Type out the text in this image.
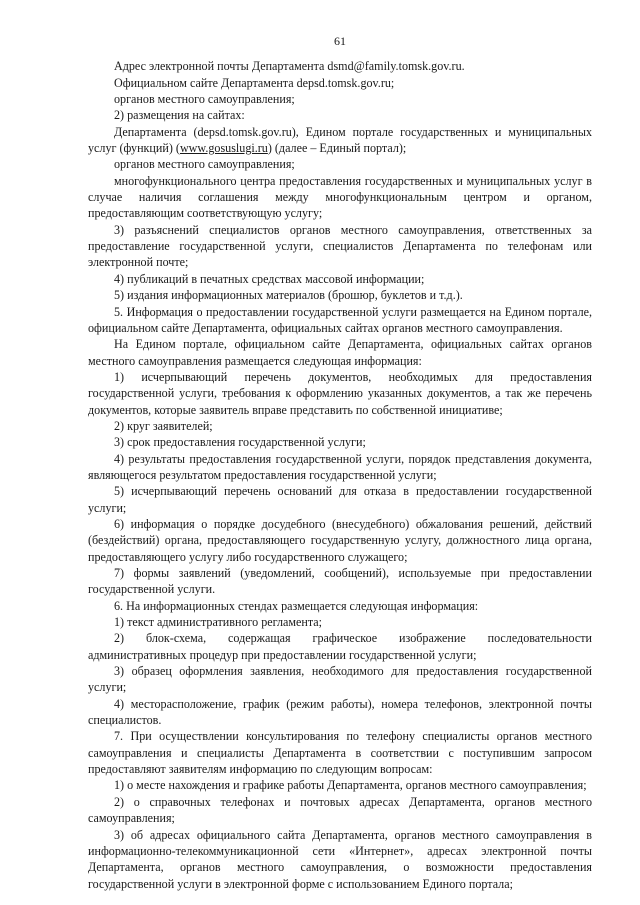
61

Адрес электронной почты Департамента dsmd@family.tomsk.gov.ru.

Официальном сайте Департамента depsd.tomsk.gov.ru;

органов местного самоуправления;

2) размещения на сайтах:

Департамента (depsd.tomsk.gov.ru), Едином портале государственных и муниципальных услуг (функций) (www.gosuslugi.ru) (далее – Единый портал);

органов местного самоуправления;

многофункционального центра предоставления государственных и муниципальных услуг в случае наличия соглашения между многофункциональным центром и органом, предоставляющим соответствующую услугу;

3) разъяснений специалистов органов местного самоуправления, ответственных за предоставление государственной услуги, специалистов Департамента по телефонам или электронной почте;

4) публикаций в печатных средствах массовой информации;

5) издания информационных материалов (брошюр, буклетов и т.д.).

5. Информация о предоставлении государственной услуги размещается на Едином портале, официальном сайте Департамента, официальных сайтах органов местного самоуправления.

На Едином портале, официальном сайте Департамента, официальных сайтах органов местного самоуправления размещается следующая информация:

1) исчерпывающий перечень документов, необходимых для предоставления государственной услуги, требования к оформлению указанных документов, а так же перечень документов, которые заявитель вправе представить по собственной инициативе;

2) круг заявителей;

3) срок предоставления государственной услуги;

4) результаты предоставления государственной услуги, порядок представления документа, являющегося результатом предоставления государственной услуги;

5) исчерпывающий перечень оснований для отказа в предоставлении государственной услуги;

6) информация о порядке досудебного (внесудебного) обжалования решений, действий (бездействий) органа, предоставляющего государственную услугу, должностного лица органа, предоставляющего услугу либо государственного служащего;

7) формы заявлений (уведомлений, сообщений), используемые при предоставлении государственной услуги.

6. На информационных стендах размещается следующая информация:

1) текст административного регламента;

2) блок-схема, содержащая графическое изображение последовательности административных процедур при предоставлении государственной услуги;

3) образец оформления заявления, необходимого для предоставления государственной услуги;

4) месторасположение, график (режим работы), номера телефонов, электронной почты специалистов.

7. При осуществлении консультирования по телефону специалисты органов местного самоуправления и специалисты Департамента в соответствии с поступившим запросом предоставляют заявителям информацию по следующим вопросам:

1) о месте нахождения и графике работы Департамента, органов местного самоуправления;

2) о справочных телефонах и почтовых адресах Департамента, органов местного самоуправления;

3) об адресах официального сайта Департамента, органов местного самоуправления в информационно-телекоммуникационной сети «Интернет», адресах электронной почты Департамента, органов местного самоуправления, о возможности предоставления государственной услуги в электронной форме с использованием Единого портала;
